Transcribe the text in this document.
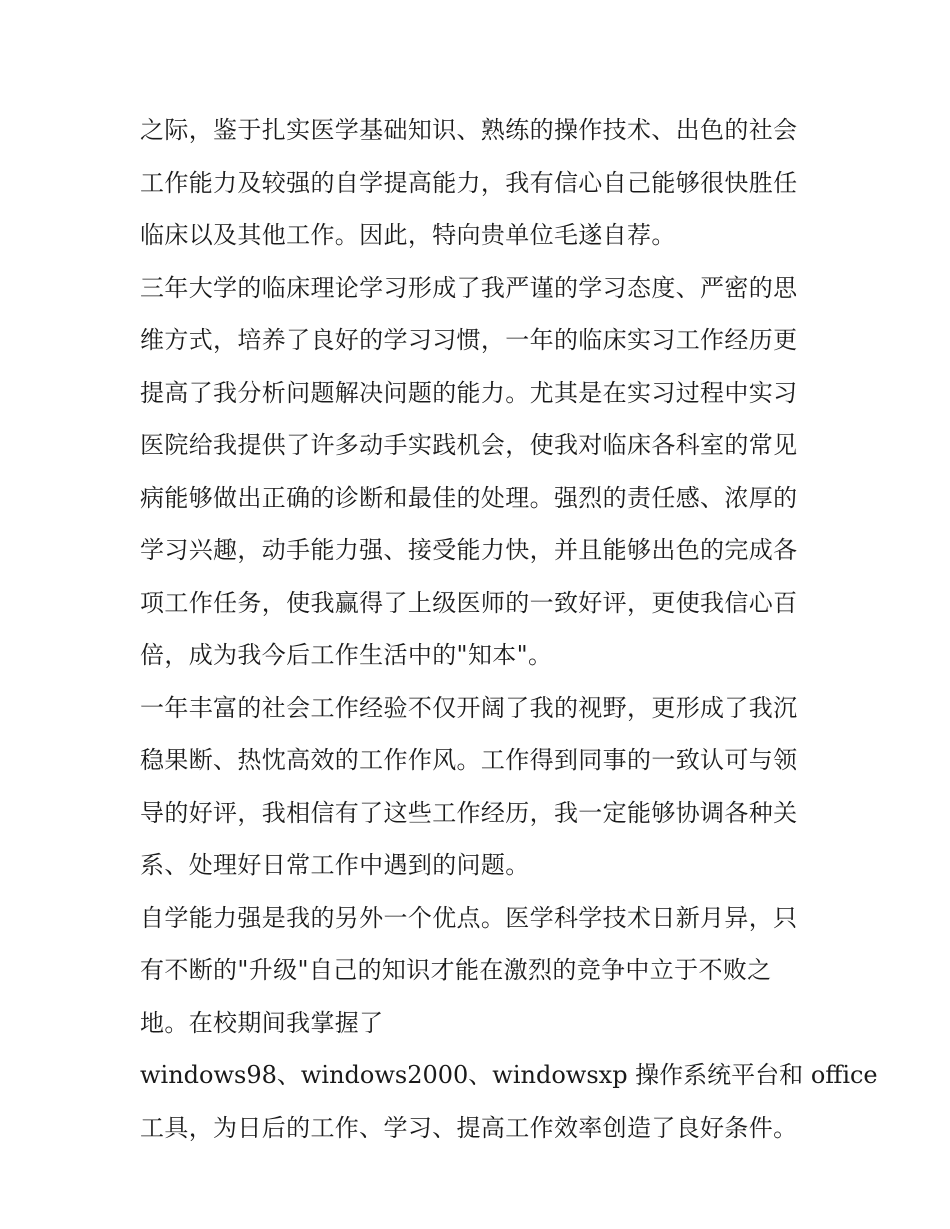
之际，鉴于扎实医学基础知识、熟练的操作技术、出色的社会
工作能力及较强的自学提高能力，我有信心自己能够很快胜任
临床以及其他工作。因此，特向贵单位毛遂自荐。
三年大学的临床理论学习形成了我严谨的学习态度、严密的思
维方式，培养了良好的学习习惯，一年的临床实习工作经历更
提高了我分析问题解决问题的能力。尤其是在实习过程中实习
医院给我提供了许多动手实践机会，使我对临床各科室的常见
病能够做出正确的诊断和最佳的处理。强烈的责任感、浓厚的
学习兴趣，动手能力强、接受能力快，并且能够出色的完成各
项工作任务，使我赢得了上级医师的一致好评，更使我信心百
倍，成为我今后工作生活中的"知本"。
一年丰富的社会工作经验不仅开阔了我的视野，更形成了我沉
稳果断、热忱高效的工作作风。工作得到同事的一致认可与领
导的好评，我相信有了这些工作经历，我一定能够协调各种关
系、处理好日常工作中遇到的问题。
自学能力强是我的另外一个优点。医学科学技术日新月异，只
有不断的"升级"自己的知识才能在激烈的竞争中立于不败之
地。在校期间我掌握了
windows98、windows2000、windowsxp 操作系统平台和 office
工具，为日后的工作、学习、提高工作效率创造了良好条件。
